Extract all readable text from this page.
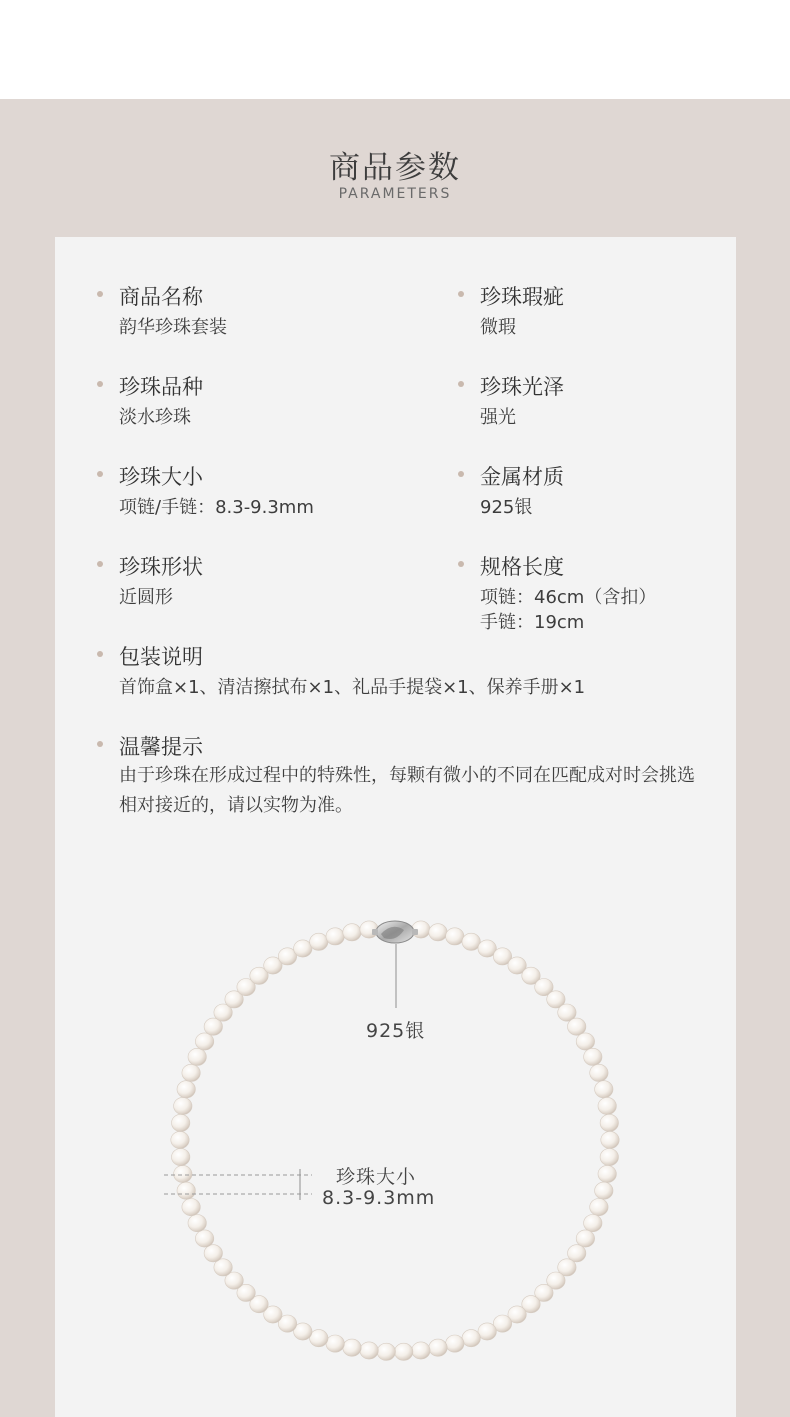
商品参数
PARAMETERS
商品名称
韵华珍珠套装
珍珠瑕疵
微瑕
珍珠品种
淡水珍珠
珍珠光泽
强光
珍珠大小
项链/手链：8.3-9.3mm
金属材质
925银
珍珠形状
近圆形
规格长度
项链：46cm（含扣）
手链：19cm
包装说明
首饰盒×1、清洁擦拭布×1、礼品手提袋×1、保养手册×1
温馨提示
由于珍珠在形成过程中的特殊性，每颗有微小的不同在匹配成对时会挑选相对接近的，请以实物为准。
925银
珍珠大小
8.3-9.3mm
